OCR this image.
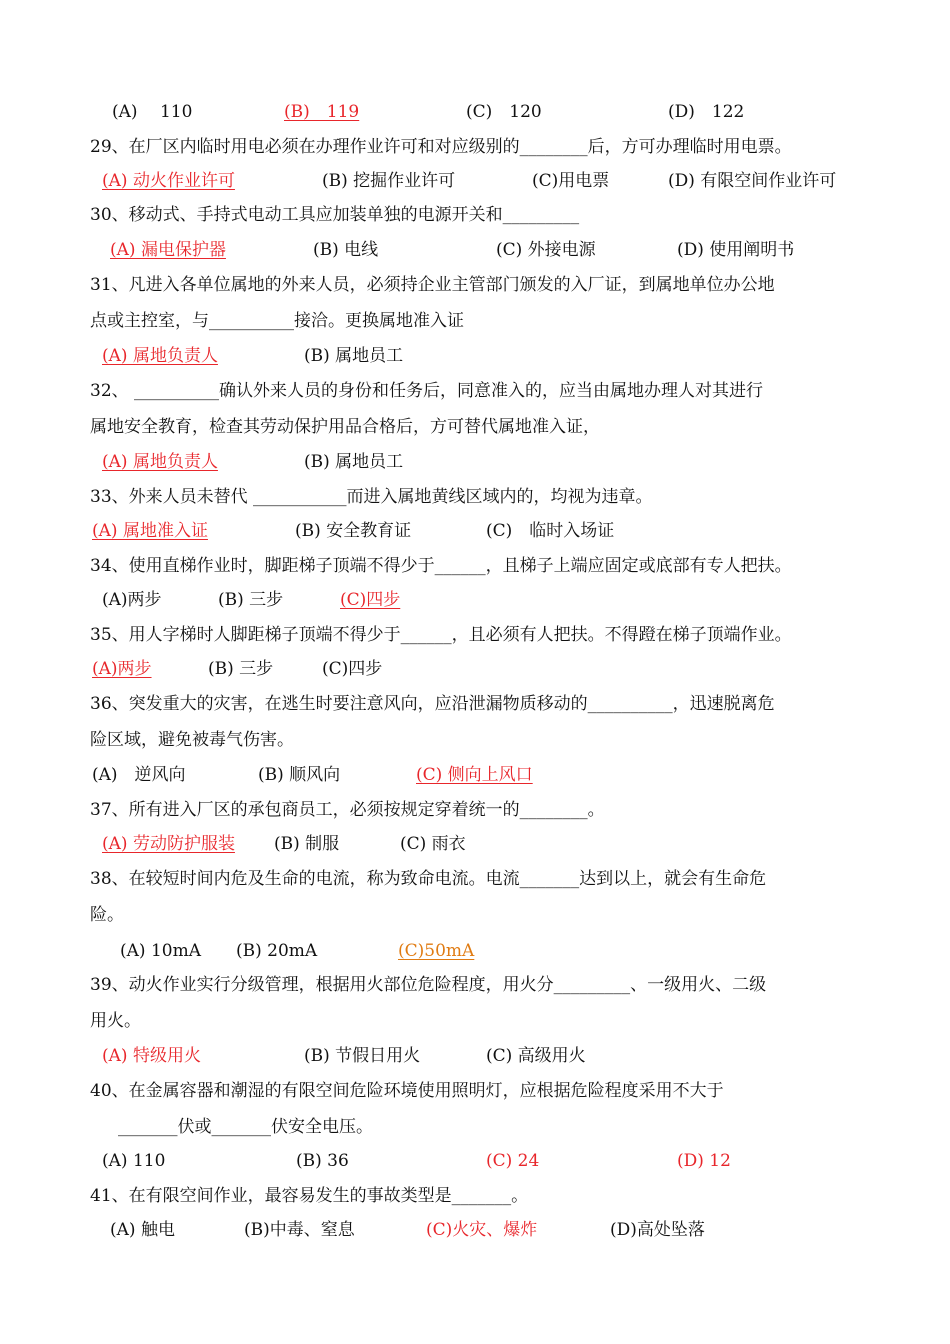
(A)　 110	(B)　119	(C)　120	(D)　122
29、在厂区内临时用电必须在办理作业许可和对应级别的________后，方可办理临时用电票。
(A) 动火作业许可	(B) 挖掘作业许可	(C)用电票	(D) 有限空间作业许可
30、移动式、手持式电动工具应加装单独的电源开关和_________
(A) 漏电保护器	(B) 电线	(C) 外接电源	(D) 使用阐明书
31、凡进入各单位属地的外来人员，必须持企业主管部门颁发的入厂证，到属地单位办公地
点或主控室，与__________接洽。更换属地准入证
(A) 属地负责人	(B) 属地员工
32、 __________确认外来人员的身份和任务后，同意准入的，应当由属地办理人对其进行
属地安全教育，检查其劳动保护用品合格后，方可替代属地准入证，
(A) 属地负责人	(B) 属地员工
33、外来人员未替代 ___________而进入属地黄线区域内的，均视为违章。
(A) 属地准入证	(B) 安全教育证	(C)　临时入场证
34、使用直梯作业时，脚距梯子顶端不得少于______，且梯子上端应固定或底部有专人把扶。
(A)两步	(B) 三步	(C)四步
35、用人字梯时人脚距梯子顶端不得少于______，且必须有人把扶。不得蹬在梯子顶端作业。
(A)两步	(B) 三步	(C)四步
36、突发重大的灾害，在逃生时要注意风向，应沿泄漏物质移动的__________，迅速脱离危
险区域，避免被毒气伤害。
(A)　逆风向	(B) 顺风向	(C) 侧向上风口
37、所有进入厂区的承包商员工，必须按规定穿着统一的________。
(A) 劳动防护服装 (B) 制服	(C) 雨衣
38、在较短时间内危及生命的电流，称为致命电流。电流_______达到以上，就会有生命危
险。
(A) 10mA (B) 20mA	(C)50mA
39、动火作业实行分级管理，根据用火部位危险程度，用火分_________、一级用火、二级
用火。
(A) 特级用火	(B) 节假日用火	(C) 高级用火
40、在金属容器和潮湿的有限空间危险环境使用照明灯，应根据危险程度采用不大于
_______伏或_______伏安全电压。
(A) 110	(B) 36	(C) 24	(D) 12
41、在有限空间作业，最容易发生的事故类型是_______。
(A) 触电	(B)中毒、窒息	(C)火灾、爆炸	(D)高处坠落
